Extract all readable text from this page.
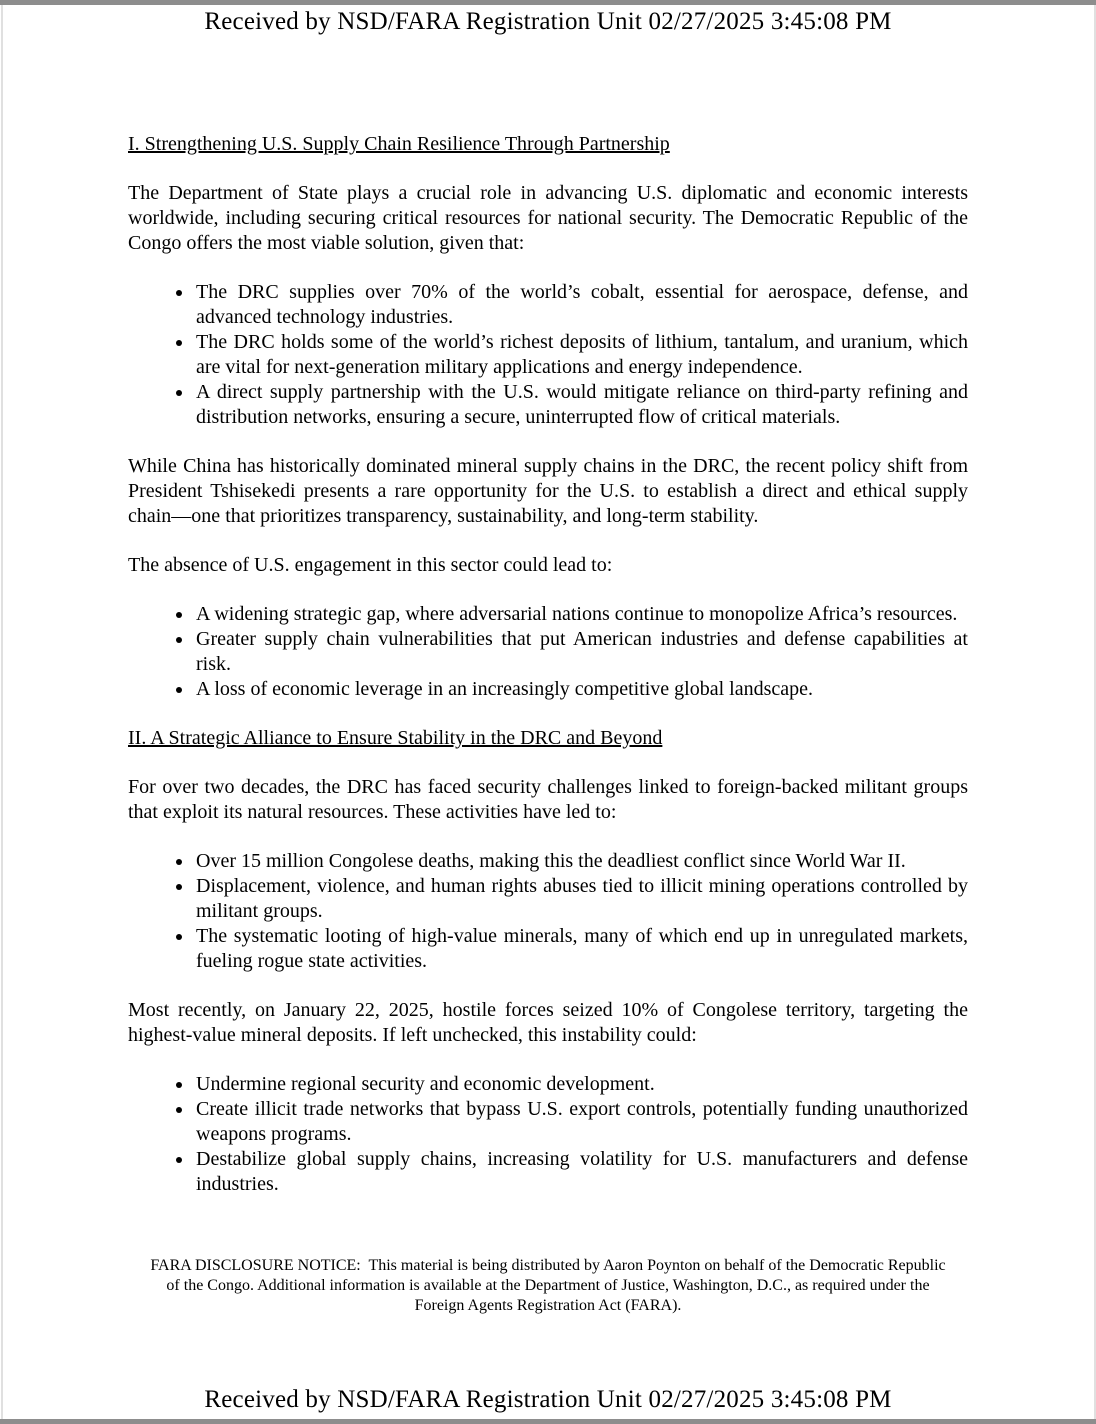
Received by NSD/FARA Registration Unit 02/27/2025 3:45:08 PM
I. Strengthening U.S. Supply Chain Resilience Through Partnership

The Department of State plays a crucial role in advancing U.S. diplomatic and economic interests worldwide, including securing critical resources for national security. The Democratic Republic of the Congo offers the most viable solution, given that:

• The DRC supplies over 70% of the world’s cobalt, essential for aerospace, defense, and advanced technology industries.
• The DRC holds some of the world’s richest deposits of lithium, tantalum, and uranium, which are vital for next-generation military applications and energy independence.
• A direct supply partnership with the U.S. would mitigate reliance on third-party refining and distribution networks, ensuring a secure, uninterrupted flow of critical materials.

While China has historically dominated mineral supply chains in the DRC, the recent policy shift from President Tshisekedi presents a rare opportunity for the U.S. to establish a direct and ethical supply chain—one that prioritizes transparency, sustainability, and long-term stability.

The absence of U.S. engagement in this sector could lead to:

• A widening strategic gap, where adversarial nations continue to monopolize Africa’s resources.
• Greater supply chain vulnerabilities that put American industries and defense capabilities at risk.
• A loss of economic leverage in an increasingly competitive global landscape.
II. A Strategic Alliance to Ensure Stability in the DRC and Beyond

For over two decades, the DRC has faced security challenges linked to foreign-backed militant groups that exploit its natural resources. These activities have led to:

• Over 15 million Congolese deaths, making this the deadliest conflict since World War II.
• Displacement, violence, and human rights abuses tied to illicit mining operations controlled by militant groups.
• The systematic looting of high-value minerals, many of which end up in unregulated markets, fueling rogue state activities.

Most recently, on January 22, 2025, hostile forces seized 10% of Congolese territory, targeting the highest-value mineral deposits. If left unchecked, this instability could:

• Undermine regional security and economic development.
• Create illicit trade networks that bypass U.S. export controls, potentially funding unauthorized weapons programs.
• Destabilize global supply chains, increasing volatility for U.S. manufacturers and defense industries.
FARA DISCLOSURE NOTICE:  This material is being distributed by Aaron Poynton on behalf of the Democratic Republic of the Congo. Additional information is available at the Department of Justice, Washington, D.C., as required under the Foreign Agents Registration Act (FARA).
Received by NSD/FARA Registration Unit 02/27/2025 3:45:08 PM
